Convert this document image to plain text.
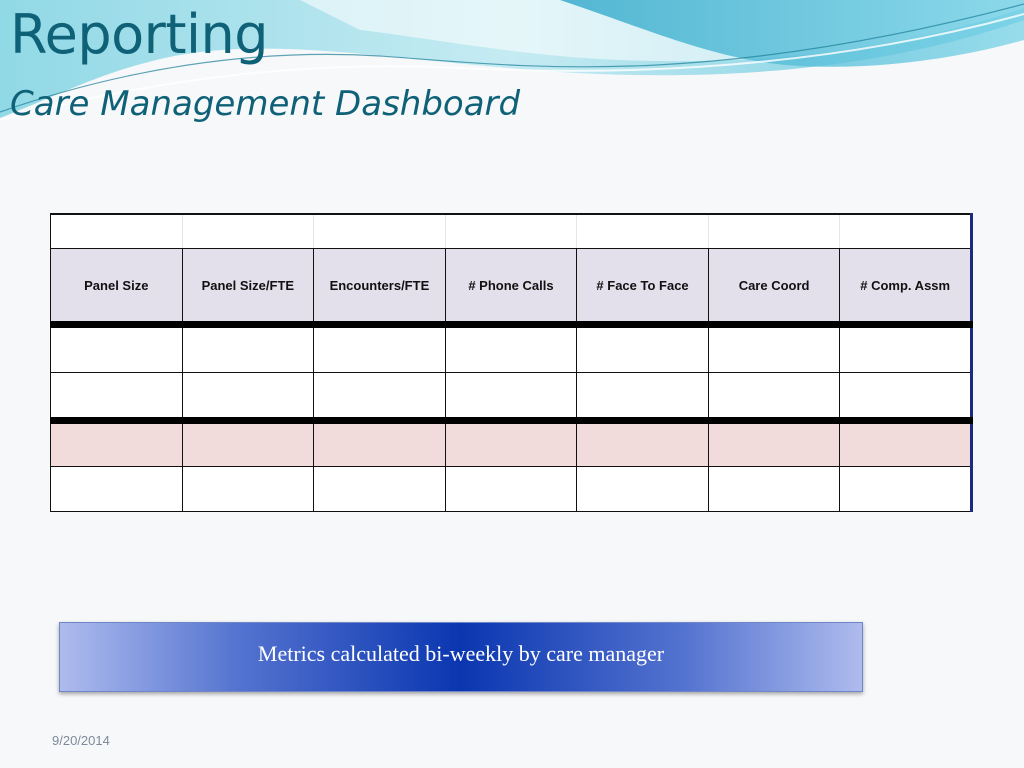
Reporting
Care Management Dashboard

Panel Size	Panel Size/FTE	Encounters/FTE	# Phone Calls	# Face To Face	Care Coord	# Comp. Assm

Metrics calculated bi-weekly by care manager
9/20/2014
